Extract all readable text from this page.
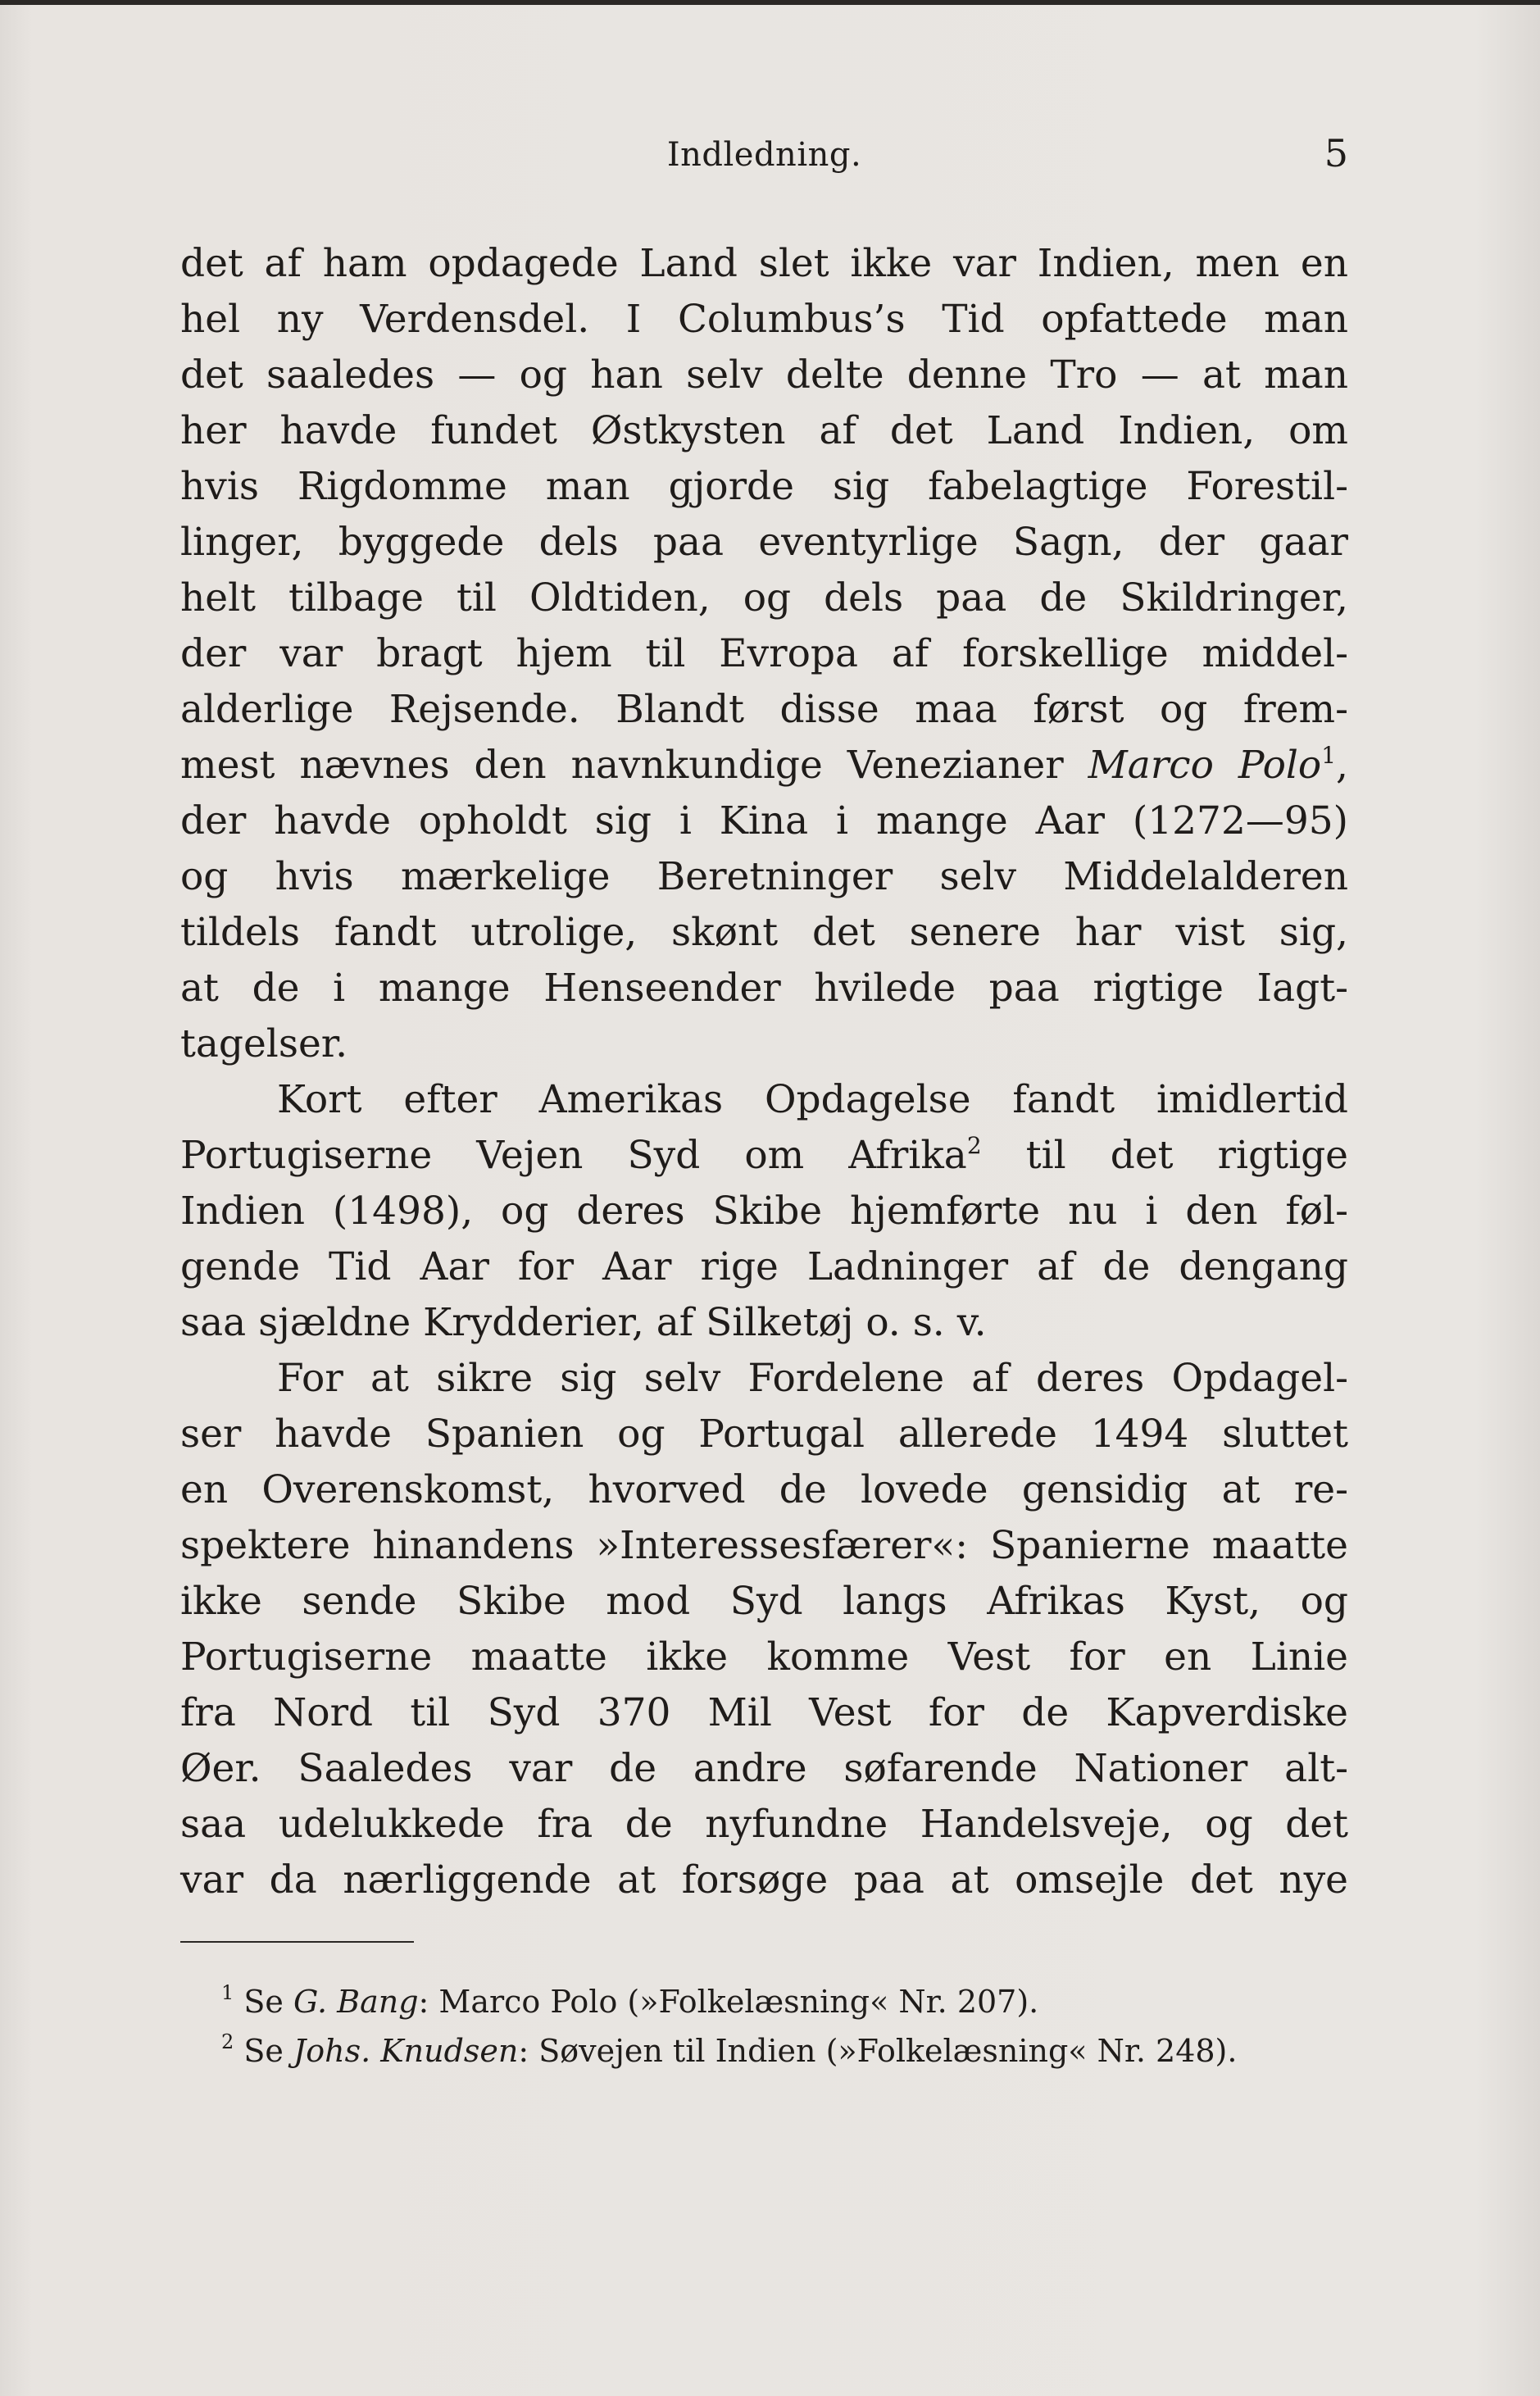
Indledning.	5
det af ham opdagede Land slet ikke var Indien, men en
hel ny Verdensdel. I Columbus’s Tid opfattede man
det saaledes — og han selv delte denne Tro — at man
her havde fundet Østkysten af det Land Indien, om
hvis Rigdomme man gjorde sig fabelagtige Forestil-
linger, byggede dels paa eventyrlige Sagn, der gaar
helt tilbage til Oldtiden, og dels paa de Skildringer,
der var bragt hjem til Evropa af forskellige middel-
alderlige Rejsende. Blandt disse maa først og frem-
mest nævnes den navnkundige Venezianer Marco Polo$^1$,
der havde opholdt sig i Kina i mange Aar (1272—95)
og hvis mærkelige Beretninger selv Middelalderen
tildels fandt utrolige, skønt det senere har vist sig,
at de i mange Henseender hvilede paa rigtige Iagt-
tagelser.
Kort efter Amerikas Opdagelse fandt imidlertid
Portugiserne Vejen Syd om Afrika$^2$ til det rigtige
Indien (1498), og deres Skibe hjemførte nu i den føl-
gende Tid Aar for Aar rige Ladninger af de dengang
saa sjældne Krydderier, af Silketøj o. s. v.
For at sikre sig selv Fordelene af deres Opdagel-
ser havde Spanien og Portugal allerede 1494 sluttet
en Overenskomst, hvorved de lovede gensidig at re-
spektere hinandens »Interessesfærer«: Spanierne maatte
ikke sende Skibe mod Syd langs Afrikas Kyst, og
Portugiserne maatte ikke komme Vest for en Linie
fra Nord til Syd 370 Mil Vest for de Kapverdiske
Øer. Saaledes var de andre søfarende Nationer alt-
saa udelukkede fra de nyfundne Handelsveje, og det
var da nærliggende at forsøge paa at omsejle det nye
$^1$ Se G. Bang: Marco Polo (»Folkelæsning« Nr. 207).
$^2$ Se Johs. Knudsen: Søvejen til Indien (»Folkelæsning« Nr. 248).
